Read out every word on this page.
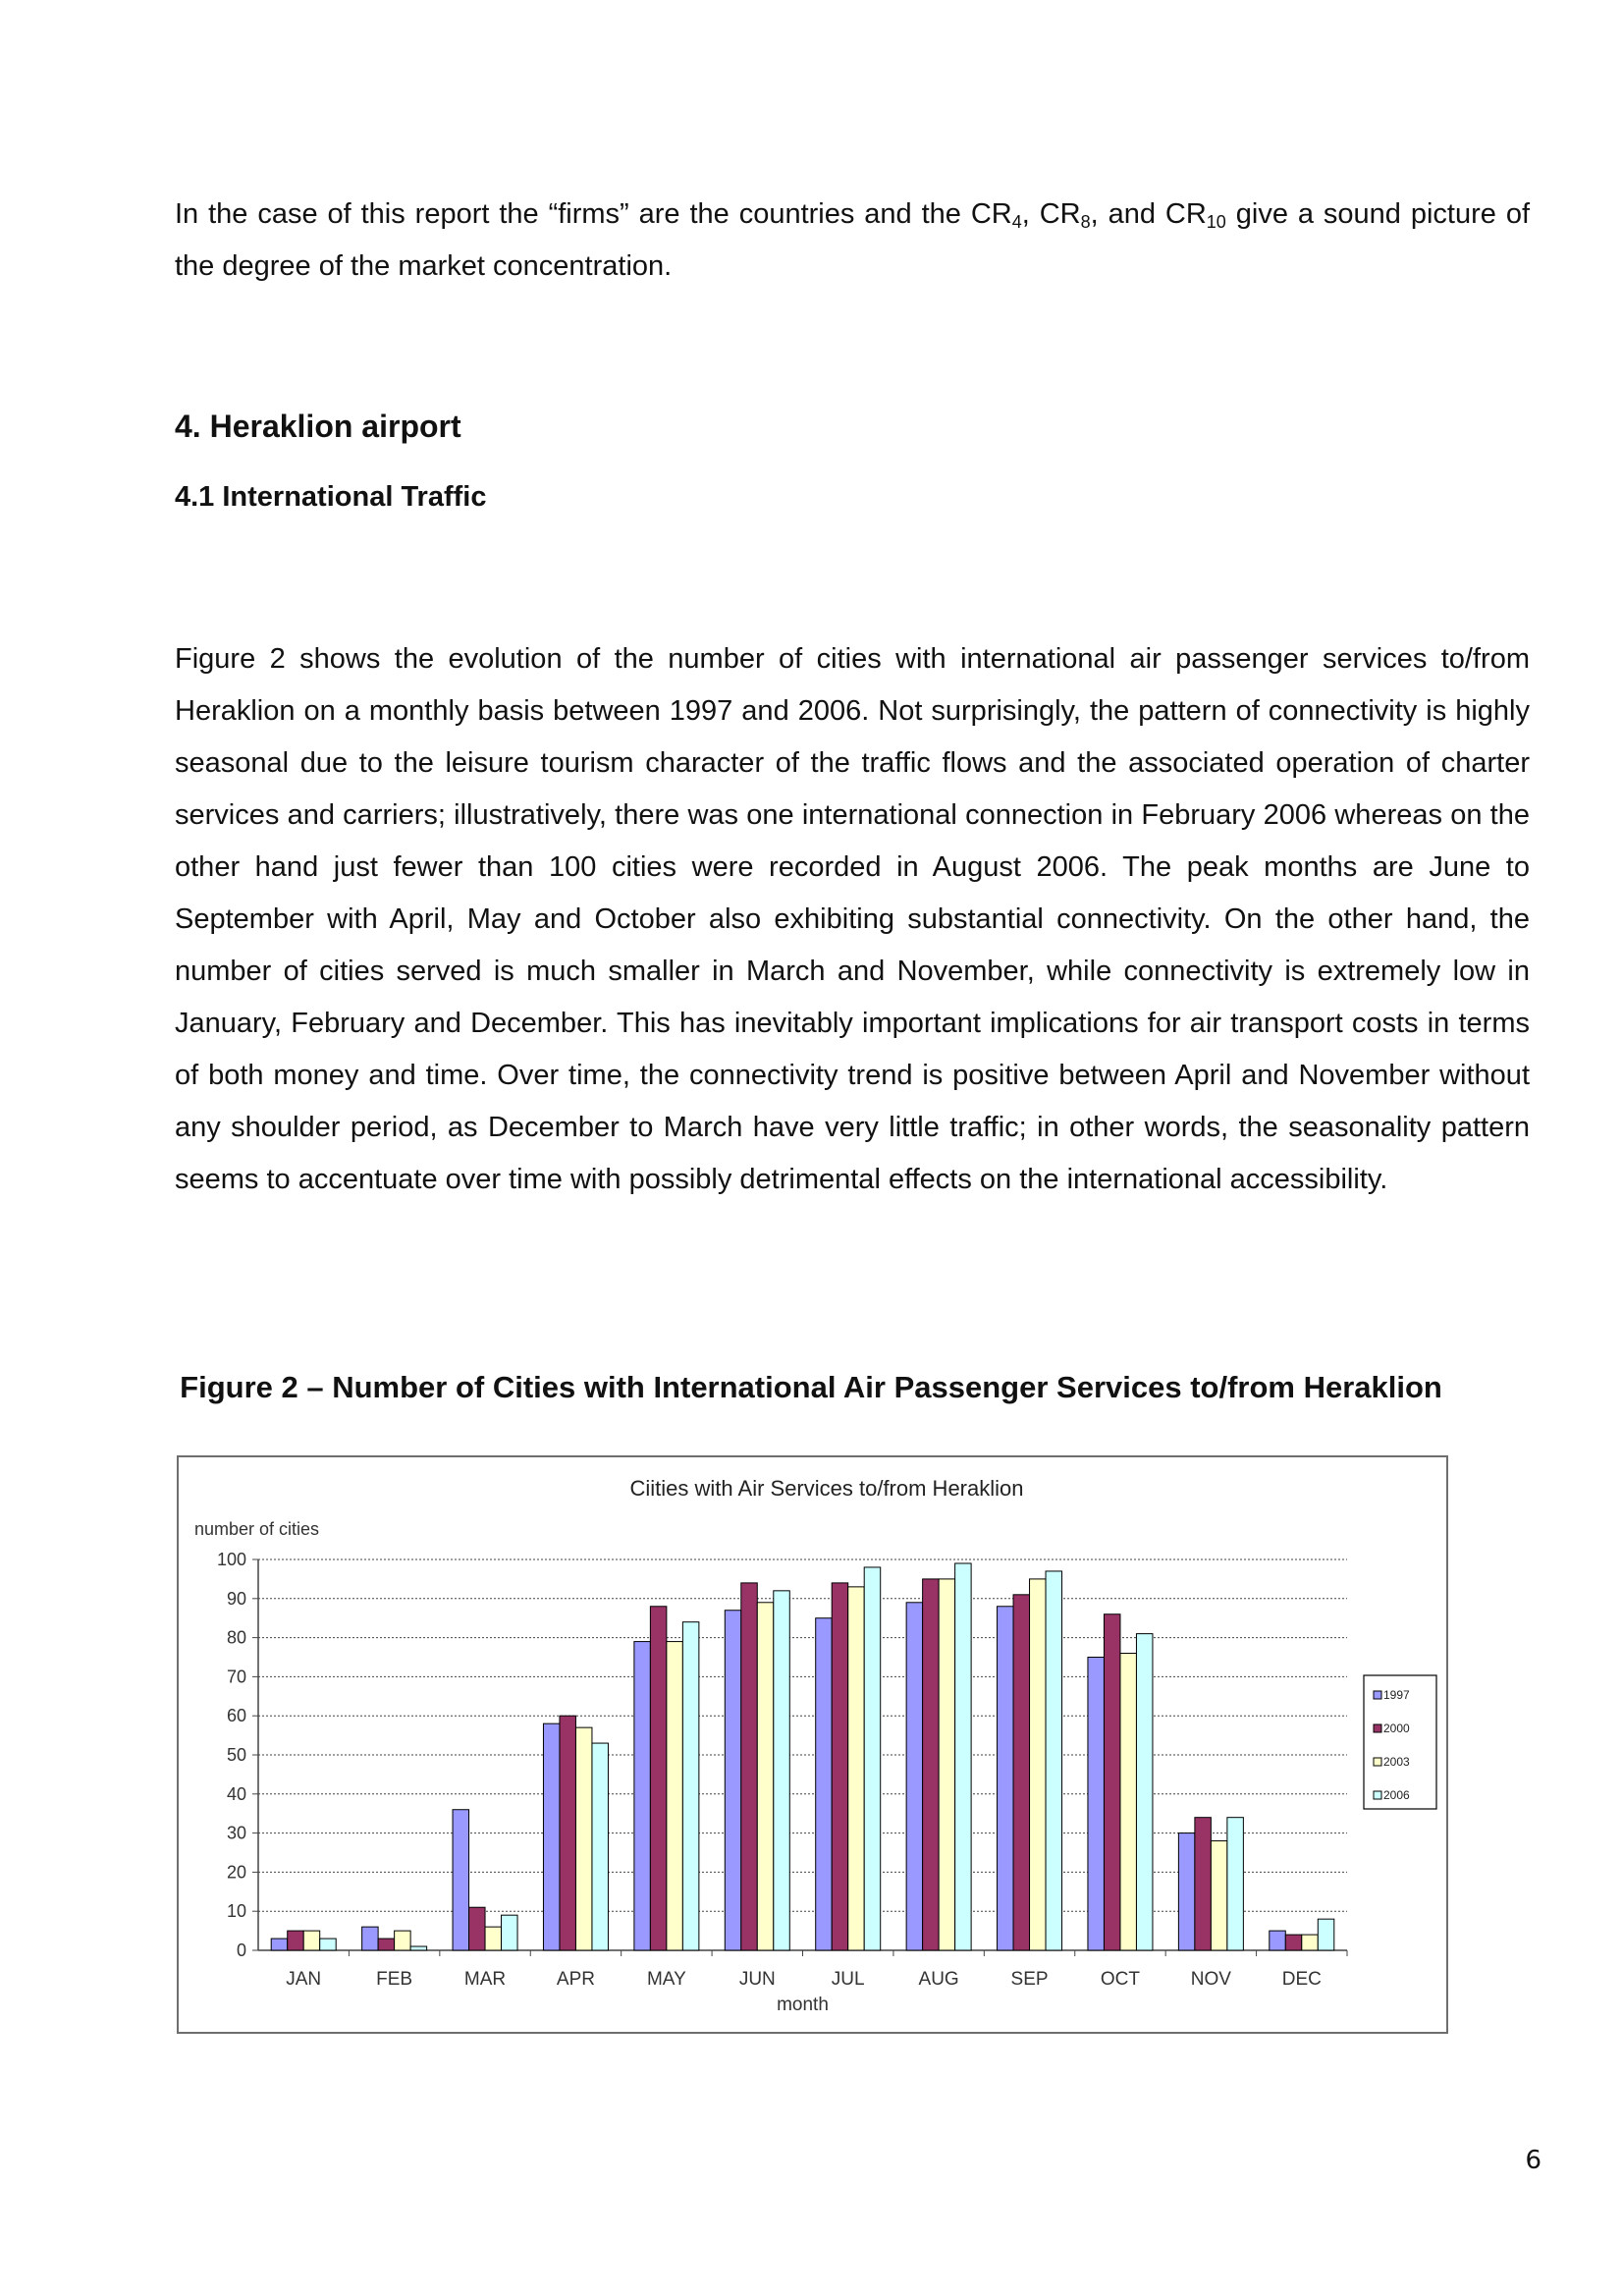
In the case of this report the “firms” are the countries and the $CR_4$, $CR_8$, and $CR_{10}$ give a sound picture of the degree of the market concentration.

4. Heraklion airport
4.1 International Traffic

Figure 2 shows the evolution of the number of cities with international air passenger services to/from Heraklion on a monthly basis between 1997 and 2006. Not surprisingly, the pattern of connectivity is highly seasonal due to the leisure tourism character of the traffic flows and the associated operation of charter services and carriers; illustratively, there was one international connection in February 2006 whereas on the other hand just fewer than 100 cities were recorded in August 2006. The peak months are June to September with April, May and October also exhibiting substantial connectivity. On the other hand, the number of cities served is much smaller in March and November, while connectivity is extremely low in January, February and December. This has inevitably important implications for air transport costs in terms of both money and time. Over time, the connectivity trend is positive between April and November without any shoulder period, as December to March have very little traffic; in other words, the seasonality pattern seems to accentuate over time with possibly detrimental effects on the international accessibility.

Figure 2 – Number of Cities with International Air Passenger Services to/from Heraklion

Ciities with Air Services to/from Heraklion
number of cities
0
10
20
30
40
50
60
70
80
90
100
JAN	FEB	MAR	APR	MAY	JUN	JUL	AUG	SEP	OCT	NOV	DEC
month
1997
2000
2003
2006
6
